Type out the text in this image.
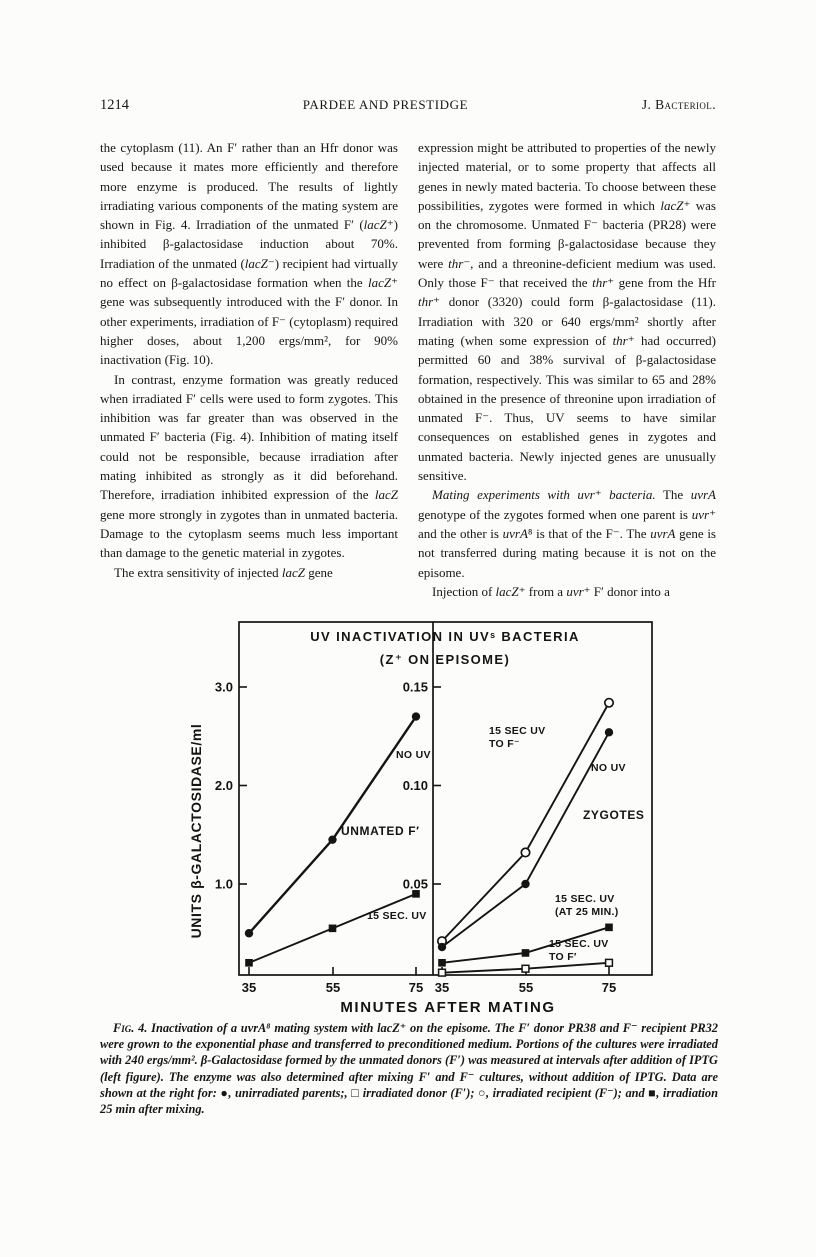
1214	PARDEE AND PRESTIDGE	J. Bacteriol.

the cytoplasm (11). An F′ rather than an Hfr donor was used because it mates more efficiently and therefore more enzyme is produced. The results of lightly irradiating various components of the mating system are shown in Fig. 4. Irradiation of the unmated F′ (lacZ⁺) inhibited β-galactosidase induction about 70%. Irradiation of the unmated (lacZ⁻) recipient had virtually no effect on β-galactosidase formation when the lacZ⁺ gene was subsequently introduced with the F′ donor. In other experiments, irradiation of F⁻ (cytoplasm) required higher doses, about 1,200 ergs/mm², for 90% inactivation (Fig. 10).

In contrast, enzyme formation was greatly reduced when irradiated F′ cells were used to form zygotes. This inhibition was far greater than was observed in the unmated F′ bacteria (Fig. 4). Inhibition of mating itself could not be responsible, because irradiation after mating inhibited as strongly as it did beforehand. Therefore, irradiation inhibited expression of the lacZ gene more strongly in zygotes than in unmated bacteria. Damage to the cytoplasm seems much less important than damage to the genetic material in zygotes.

The extra sensitivity of injected lacZ gene

expression might be attributed to properties of the newly injected material, or to some property that affects all genes in newly mated bacteria. To choose between these possibilities, zygotes were formed in which lacZ⁺ was on the chromosome. Unmated F⁻ bacteria (PR28) were prevented from forming β-galactosidase because they were thr⁻, and a threonine-deficient medium was used. Only those F⁻ that received the thr⁺ gene from the Hfr thr⁺ donor (3320) could form β-galactosidase (11). Irradiation with 320 or 640 ergs/mm² shortly after mating (when some expression of thr⁺ had occurred) permitted 60 and 38% survival of β-galactosidase formation, respectively. This was similar to 65 and 28% obtained in the presence of threonine upon irradiation of unmated F⁻. Thus, UV seems to have similar consequences on established genes in zygotes and unmated bacteria. Newly injected genes are unusually sensitive.

Mating experiments with uvr⁺ bacteria. The uvrA genotype of the zygotes formed when one parent is uvr⁺ and the other is uvrA⁸ is that of the F⁻. The uvrA gene is not transferred during mating because it is not on the episome.

Injection of lacZ⁺ from a uvr⁺ F′ donor into a

NO UV
15 SEC. UV
UNMATED F′
15 SEC UV
TO F⁻
NO UV
15 SEC. UV
(AT 25 MIN.)
15 SEC. UV
TO F′
ZYGOTES
UV INACTIVATION IN UVˢ BACTERIA
(Z⁺ ON EPISOME)
3.0
2.0
1.0
0.15
0.10
0.05
35	55	75 35	55	75
MINUTES AFTER MATING
UNITS β-GALACTOSIDASE/ml

Fig. 4. Inactivation of a uvrA⁸ mating system with lacZ⁺ on the episome. The F′ donor PR38 and F⁻ recipient PR32 were grown to the exponential phase and transferred to preconditioned medium. Portions of the cultures were irradiated with 240 ergs/mm². β-Galactosidase formed by the unmated donors (F′) was measured at intervals after addition of IPTG (left figure). The enzyme was also determined after mixing F′ and F⁻ cultures, without addition of IPTG. Data are shown at the right for: ●, unirradiated parents;, □ irradiated donor (F′); ○, irradiated recipient (F⁻); and ■, irradiation 25 min after mixing.
